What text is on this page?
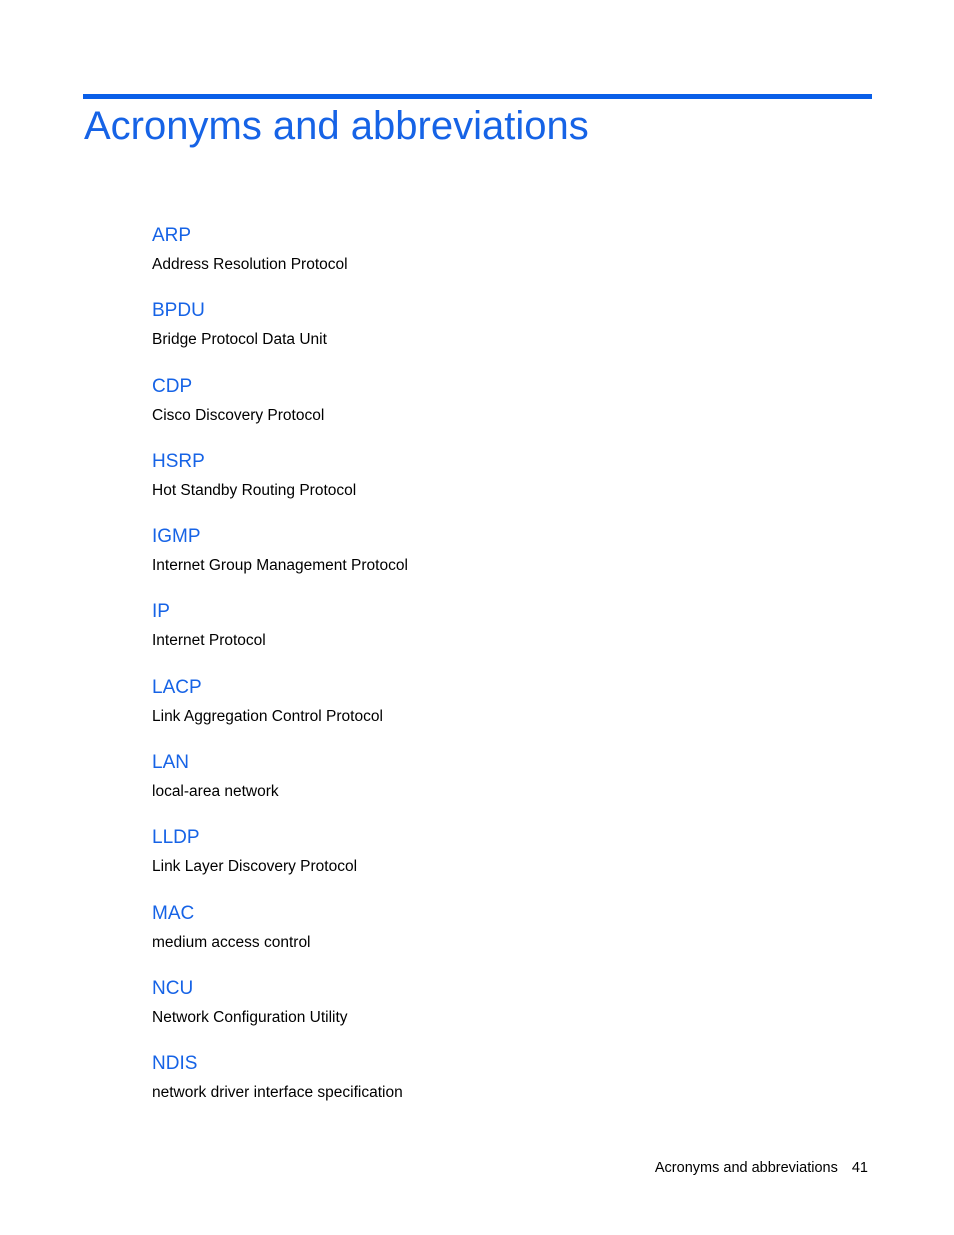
Acronyms and abbreviations
ARP
Address Resolution Protocol
BPDU
Bridge Protocol Data Unit
CDP
Cisco Discovery Protocol
HSRP
Hot Standby Routing Protocol
IGMP
Internet Group Management Protocol
IP
Internet Protocol
LACP
Link Aggregation Control Protocol
LAN
local-area network
LLDP
Link Layer Discovery Protocol
MAC
medium access control
NCU
Network Configuration Utility
NDIS
network driver interface specification
Acronyms and abbreviations 41
